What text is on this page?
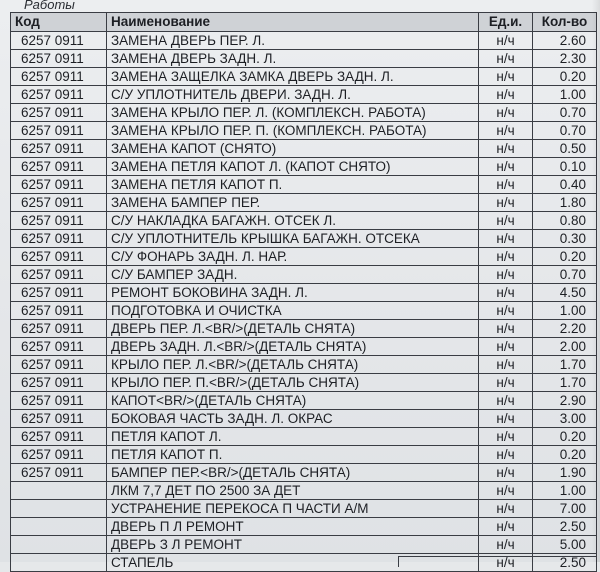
Работы
Код	Наименование	Ед.и.	Кол-во
6257 0911	ЗАМЕНА ДВЕРЬ ПЕР. Л.	н/ч	2.60
6257 0911	ЗАМЕНА ДВЕРЬ ЗАДН. Л.	н/ч	2.30
6257 0911	ЗАМЕНА ЗАЩЕЛКА ЗАМКА ДВЕРЬ ЗАДН. Л.	н/ч	0.20
6257 0911	С/У УПЛОТНИТЕЛЬ ДВЕРИ. ЗАДН. Л.	н/ч	1.00
6257 0911	ЗАМЕНА КРЫЛО ПЕР. Л. (КОМПЛЕКСН. РАБОТА)	н/ч	0.70
6257 0911	ЗАМЕНА КРЫЛО ПЕР. П. (КОМПЛЕКСН. РАБОТА)	н/ч	0.70
6257 0911	ЗАМЕНА КАПОТ (СНЯТО)	н/ч	0.50
6257 0911	ЗАМЕНА ПЕТЛЯ КАПОТ Л. (КАПОТ СНЯТО)	н/ч	0.10
6257 0911	ЗАМЕНА ПЕТЛЯ КАПОТ П.	н/ч	0.40
6257 0911	ЗАМЕНА БАМПЕР ПЕР.	н/ч	1.80
6257 0911	С/У НАКЛАДКА БАГАЖН. ОТСЕК Л.	н/ч	0.80
6257 0911	С/У УПЛОТНИТЕЛЬ КРЫШКА БАГАЖН. ОТСЕКА	н/ч	0.30
6257 0911	С/У ФОНАРЬ ЗАДН. Л. НАР.	н/ч	0.20
6257 0911	С/У БАМПЕР ЗАДН.	н/ч	0.70
6257 0911	РЕМОНТ БОКОВИНА ЗАДН. Л.	н/ч	4.50
6257 0911	ПОДГОТОВКА И ОЧИСТКА	н/ч	1.00
6257 0911	ДВЕРЬ ПЕР. Л.<BR/>(ДЕТАЛЬ СНЯТА)	н/ч	2.20
6257 0911	ДВЕРЬ ЗАДН. Л.<BR/>(ДЕТАЛЬ СНЯТА)	н/ч	2.00
6257 0911	КРЫЛО ПЕР. Л.<BR/>(ДЕТАЛЬ СНЯТА)	н/ч	1.70
6257 0911	КРЫЛО ПЕР. П.<BR/>(ДЕТАЛЬ СНЯТА)	н/ч	1.70
6257 0911	КАПОТ<BR/>(ДЕТАЛЬ СНЯТА)	н/ч	2.90
6257 0911	БОКОВАЯ ЧАСТЬ ЗАДН. Л. ОКРАС	н/ч	3.00
6257 0911	ПЕТЛЯ КАПОТ Л.	н/ч	0.20
6257 0911	ПЕТЛЯ КАПОТ П.	н/ч	0.20
6257 0911	БАМПЕР ПЕР.<BR/>(ДЕТАЛЬ СНЯТА)	н/ч	1.90
	ЛКМ 7,7 ДЕТ ПО 2500 ЗА ДЕТ	н/ч	1.00
	УСТРАНЕНИЕ ПЕРЕКОСА П ЧАСТИ А/М	н/ч	7.00
	ДВЕРЬ П Л РЕМОНТ	н/ч	2.50
	ДВЕРЬ З Л РЕМОНТ	н/ч	5.00
	СТАПЕЛЬ	н/ч	2.50
